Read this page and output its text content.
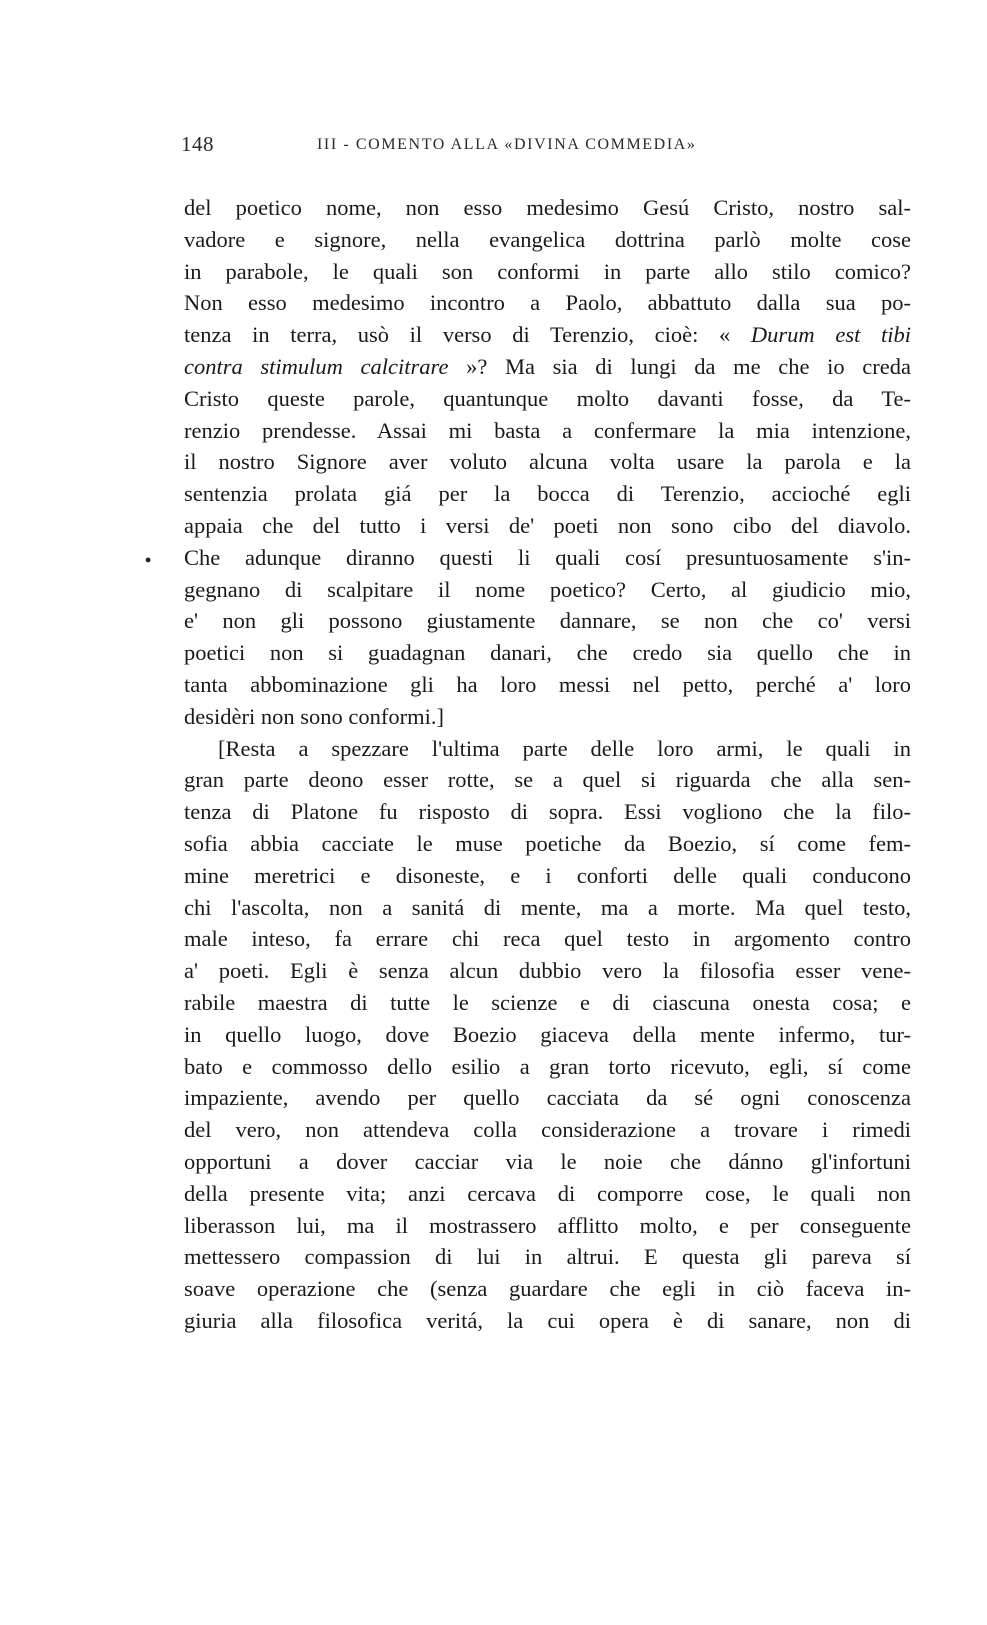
148	III - COMENTO ALLA «DIVINA COMMEDIA»
•
del poetico nome, non esso medesimo Gesú Cristo, nostro sal-
vadore e signore, nella evangelica dottrina parlò molte cose
in parabole, le quali son conformi in parte allo stilo comico?
Non esso medesimo incontro a Paolo, abbattuto dalla sua po-
tenza in terra, usò il verso di Terenzio, cioè: « Durum est tibi
contra stimulum calcitrare »? Ma sia di lungi da me che io creda
Cristo queste parole, quantunque molto davanti fosse, da Te-
renzio prendesse. Assai mi basta a confermare la mia intenzione,
il nostro Signore aver voluto alcuna volta usare la parola e la
sentenzia prolata giá per la bocca di Terenzio, accioché egli
appaia che del tutto i versi de' poeti non sono cibo del diavolo.
Che adunque diranno questi li quali cosí presuntuosamente s'in-
gegnano di scalpitare il nome poetico? Certo, al giudicio mio,
e' non gli possono giustamente dannare, se non che co' versi
poetici non si guadagnan danari, che credo sia quello che in
tanta abbominazione gli ha loro messi nel petto, perché a' loro
desidèri non sono conformi.]
[Resta a spezzare l'ultima parte delle loro armi, le quali in
gran parte deono esser rotte, se a quel si riguarda che alla sen-
tenza di Platone fu risposto di sopra. Essi vogliono che la filo-
sofia abbia cacciate le muse poetiche da Boezio, sí come fem-
mine meretrici e disoneste, e i conforti delle quali conducono
chi l'ascolta, non a sanitá di mente, ma a morte. Ma quel testo,
male inteso, fa errare chi reca quel testo in argomento contro
a' poeti. Egli è senza alcun dubbio vero la filosofia esser vene-
rabile maestra di tutte le scienze e di ciascuna onesta cosa; e
in quello luogo, dove Boezio giaceva della mente infermo, tur-
bato e commosso dello esilio a gran torto ricevuto, egli, sí come
impaziente, avendo per quello cacciata da sé ogni conoscenza
del vero, non attendeva colla considerazione a trovare i rimedi
opportuni a dover cacciar via le noie che dánno gl'infortuni
della presente vita; anzi cercava di comporre cose, le quali non
liberasson lui, ma il mostrassero afflitto molto, e per conseguente
mettessero compassion di lui in altrui. E questa gli pareva sí
soave operazione che (senza guardare che egli in ciò faceva in-
giuria alla filosofica veritá, la cui opera è di sanare, non di
